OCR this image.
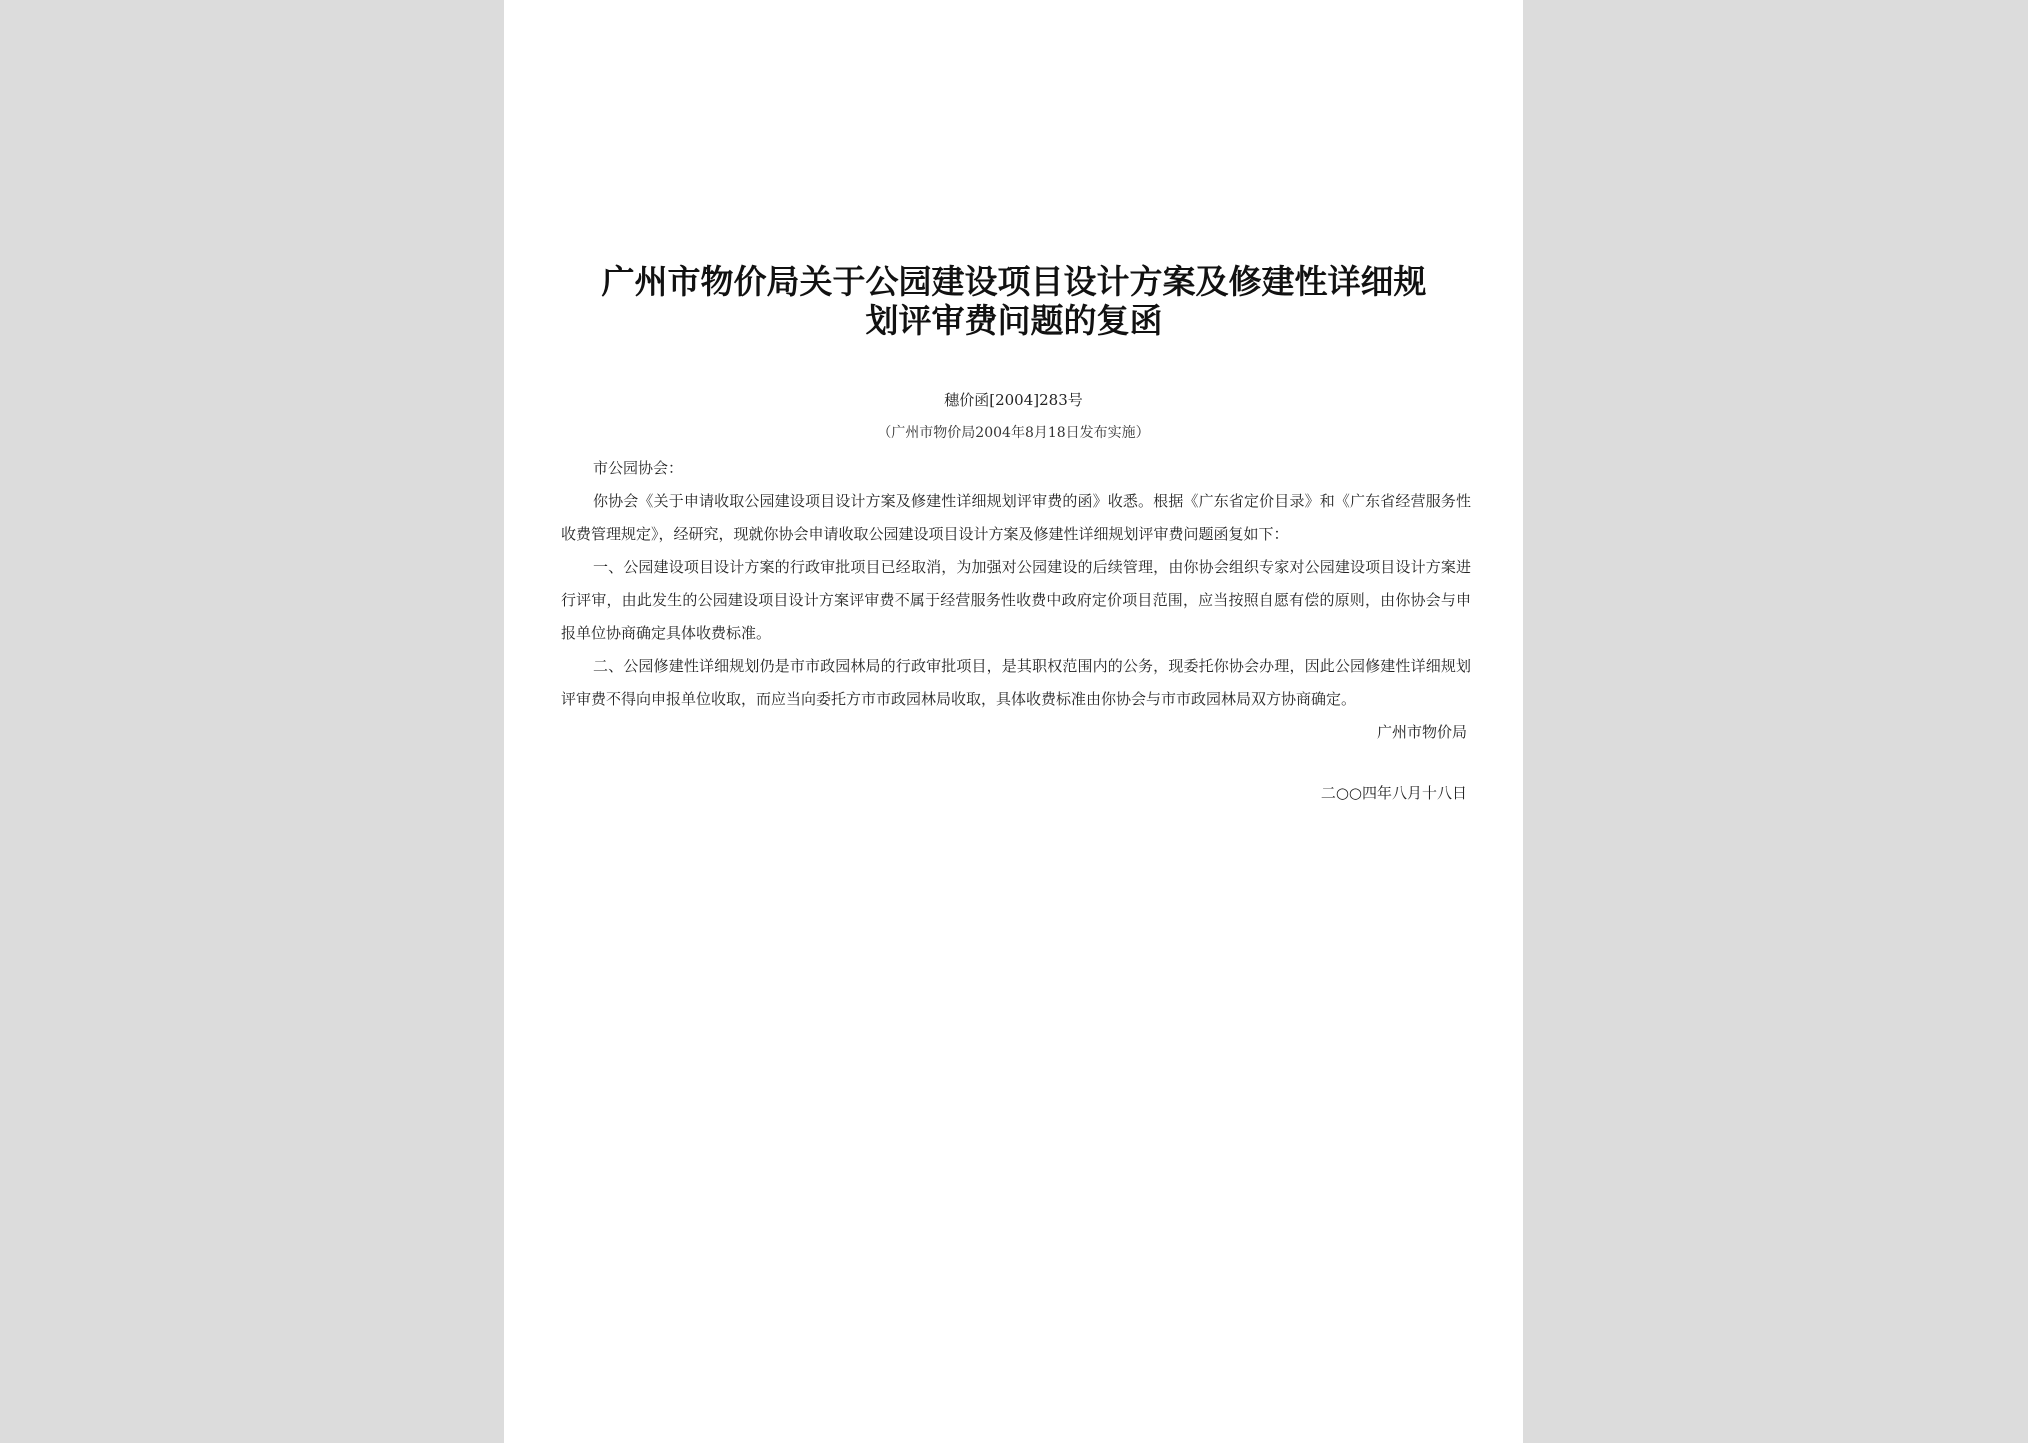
广州市物价局关于公园建设项目设计方案及修建性详细规划评审费问题的复函
穗价函[2004]283号
（广州市物价局2004年8月18日发布实施）

市公园协会：

你协会《关于申请收取公园建设项目设计方案及修建性详细规划评审费的函》收悉。根据《广东省定价目录》和《广东省经营服务性收费管理规定》，经研究，现就你协会申请收取公园建设项目设计方案及修建性详细规划评审费问题函复如下：

一、公园建设项目设计方案的行政审批项目已经取消，为加强对公园建设的后续管理，由你协会组织专家对公园建设项目设计方案进行评审，由此发生的公园建设项目设计方案评审费不属于经营服务性收费中政府定价项目范围，应当按照自愿有偿的原则，由你协会与申报单位协商确定具体收费标准。

二、公园修建性详细规划仍是市市政园林局的行政审批项目，是其职权范围内的公务，现委托你协会办理，因此公园修建性详细规划评审费不得向申报单位收取，而应当向委托方市市政园林局收取，具体收费标准由你协会与市市政园林局双方协商确定。

广州市物价局

二○○四年八月十八日
